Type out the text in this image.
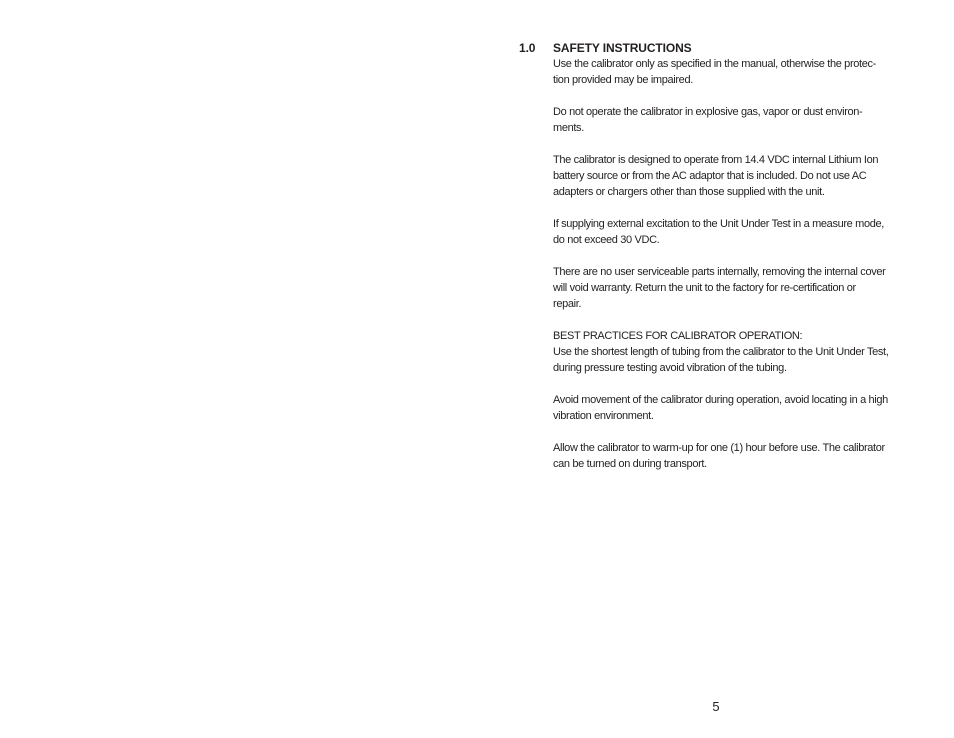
1.0	SAFETY INSTRUCTIONS

Use the calibrator only as specified in the manual, otherwise the protec-
tion provided may be impaired.

Do not operate the calibrator in explosive gas, vapor or dust environ-
ments.

The calibrator is designed to operate from 14.4 VDC internal Lithium Ion
battery source or from the AC adaptor that is included. Do not use AC
adapters or chargers other than those supplied with the unit.

If supplying external excitation to the Unit Under Test in a measure mode,
do not exceed 30 VDC.

There are no user serviceable parts internally, removing the internal cover
will void warranty. Return the unit to the factory for re-certification or
repair.

BEST PRACTICES FOR CALIBRATOR OPERATION:

Use the shortest length of tubing from the calibrator to the Unit Under Test,
during pressure testing avoid vibration of the tubing.

Avoid movement of the calibrator during operation, avoid locating in a high
vibration environment.

Allow the calibrator to warm-up for one (1) hour before use. The calibrator
can be turned on during transport.

5
